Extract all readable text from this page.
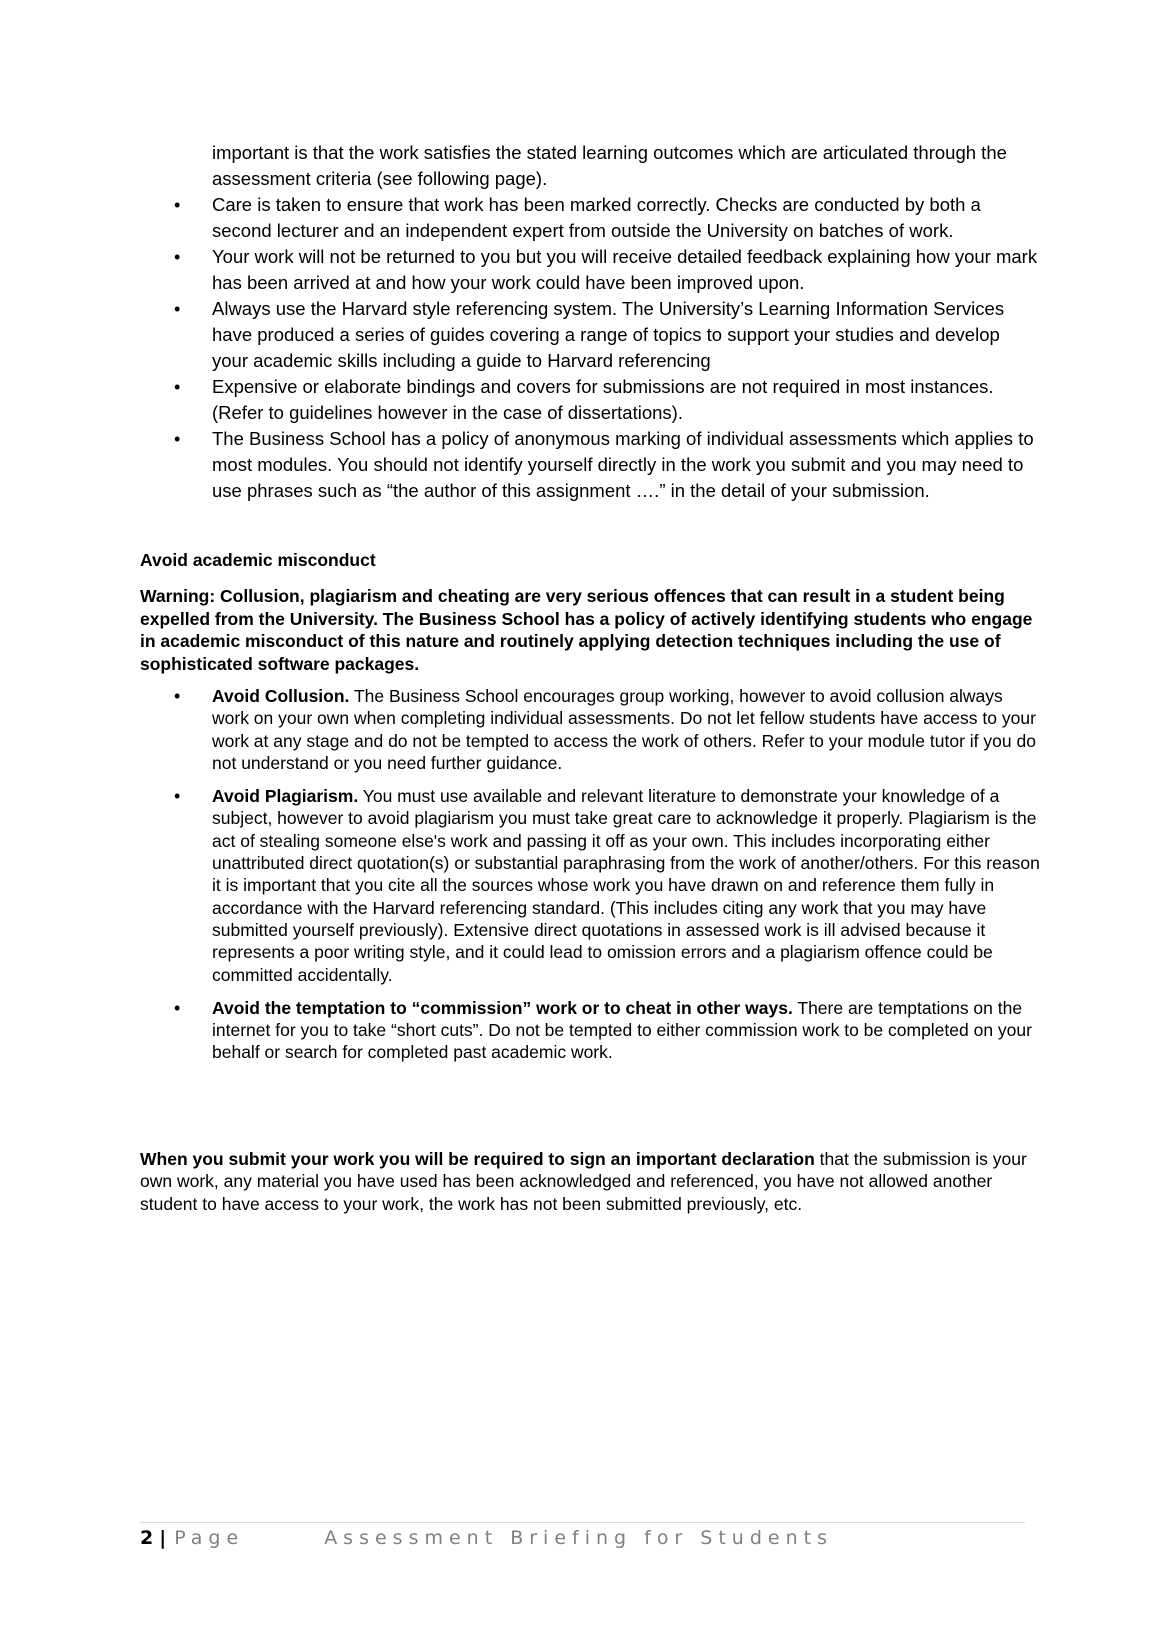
important is that the work satisfies the stated learning outcomes which are articulated through the assessment criteria (see following page).
• Care is taken to ensure that work has been marked correctly. Checks are conducted by both a second lecturer and an independent expert from outside the University on batches of work.
• Your work will not be returned to you but you will receive detailed feedback explaining how your mark has been arrived at and how your work could have been improved upon.
• Always use the Harvard style referencing system. The University’s Learning Information Services have produced a series of guides covering a range of topics to support your studies and develop your academic skills including a guide to Harvard referencing
• Expensive or elaborate bindings and covers for submissions are not required in most instances. (Refer to guidelines however in the case of dissertations).
• The Business School has a policy of anonymous marking of individual assessments which applies to most modules. You should not identify yourself directly in the work you submit and you may need to use phrases such as “the author of this assignment ….” in the detail of your submission.
Avoid academic misconduct
Warning: Collusion, plagiarism and cheating are very serious offences that can result in a student being expelled from the University. The Business School has a policy of actively identifying students who engage in academic misconduct of this nature and routinely applying detection techniques including the use of sophisticated software packages.
• Avoid Collusion. The Business School encourages group working, however to avoid collusion always work on your own when completing individual assessments. Do not let fellow students have access to your work at any stage and do not be tempted to access the work of others. Refer to your module tutor if you do not understand or you need further guidance.
• Avoid Plagiarism. You must use available and relevant literature to demonstrate your knowledge of a subject, however to avoid plagiarism you must take great care to acknowledge it properly. Plagiarism is the act of stealing someone else's work and passing it off as your own. This includes incorporating either unattributed direct quotation(s) or substantial paraphrasing from the work of another/others. For this reason it is important that you cite all the sources whose work you have drawn on and reference them fully in accordance with the Harvard referencing standard. (This includes citing any work that you may have submitted yourself previously). Extensive direct quotations in assessed work is ill advised because it represents a poor writing style, and it could lead to omission errors and a plagiarism offence could be committed accidentally.
• Avoid the temptation to “commission” work or to cheat in other ways. There are temptations on the internet for you to take “short cuts”. Do not be tempted to either commission work to be completed on your behalf or search for completed past academic work.
When you submit your work you will be required to sign an important declaration that the submission is your own work, any material you have used has been acknowledged and referenced, you have not allowed another student to have access to your work, the work has not been submitted previously, etc.
2 | Page	Assessment Briefing for Students
